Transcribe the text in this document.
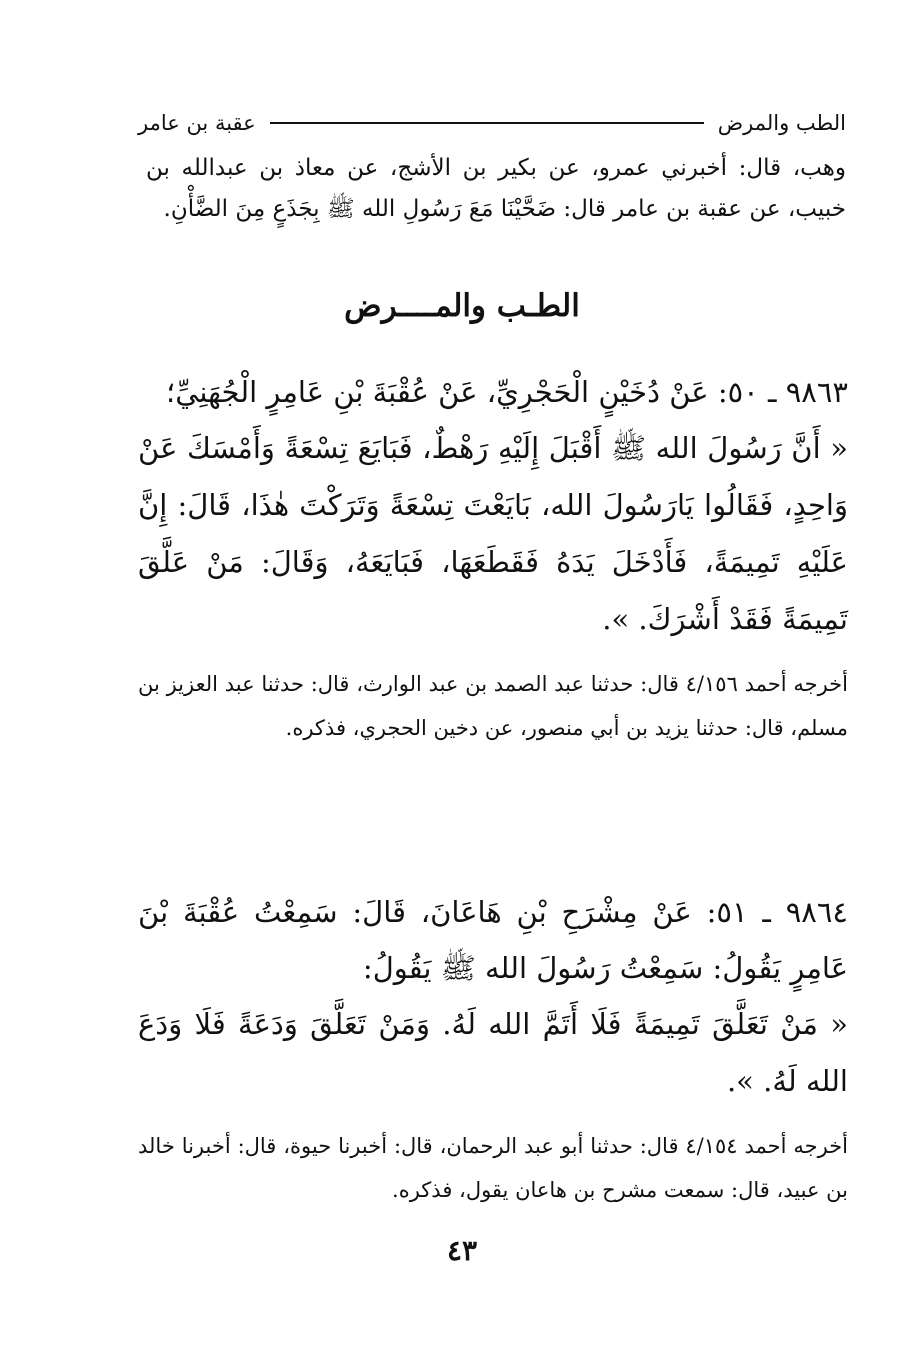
الطب والمرض
عقبة بن عامر

وهب، قال: أخبرني عمرو، عن بكير بن الأشج، عن معاذ بن عبدالله بن خبيب، عن عقبة بن عامر قال: ضَحَّيْنَا مَعَ رَسُولِ الله ﷺ بِجَذَعٍ مِنَ الضَّأْنِ.

الطـب والمــــرض

٩٨٦٣ ـ ٥٠: عَنْ دُخَيْنٍ الْحَجْرِيِّ، عَنْ عُقْبَةَ بْنِ عَامِرٍ الْجُهَنِيِّ؛

« أَنَّ رَسُولَ الله ﷺ أَقْبَلَ إِلَيْهِ رَهْطٌ، فَبَايَعَ تِسْعَةً وَأَمْسَكَ عَنْ وَاحِدٍ، فَقَالُوا يَارَسُولَ الله، بَايَعْتَ تِسْعَةً وَتَرَكْتَ هٰذَا، قَالَ: إِنَّ عَلَيْهِ تَمِيمَةً، فَأَدْخَلَ يَدَهُ فَقَطَعَهَا، فَبَايَعَهُ، وَقَالَ: مَنْ عَلَّقَ تَمِيمَةً فَقَدْ أَشْرَكَ. ».

أخرجه أحمد ٤/١٥٦ قال: حدثنا عبد الصمد بن عبد الوارث، قال: حدثنا عبد العزيز بن مسلم، قال: حدثنا يزيد بن أبي منصور، عن دخين الحجري، فذكره.

٩٨٦٤ ـ ٥١: عَنْ مِشْرَحِ بْنِ هَاعَانَ، قَالَ: سَمِعْتُ عُقْبَةَ بْنَ عَامِرٍ يَقُولُ: سَمِعْتُ رَسُولَ الله ﷺ يَقُولُ:

« مَنْ تَعَلَّقَ تَمِيمَةً فَلَا أَتَمَّ الله لَهُ. وَمَنْ تَعَلَّقَ وَدَعَةً فَلَا وَدَعَ الله لَهُ. ».

أخرجه أحمد ٤/١٥٤ قال: حدثنا أبو عبد الرحمان، قال: أخبرنا حيوة، قال: أخبرنا خالد بن عبيد، قال: سمعت مشرح بن هاعان يقول، فذكره.

٤٣
